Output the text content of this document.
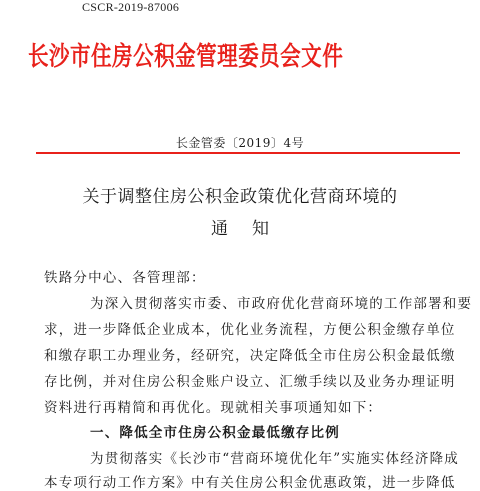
CSCR-2019-87006
长沙市住房公积金管理委员会文件
长金管委〔2019〕4号
关于调整住房公积金政策优化营商环境的
通 知
铁路分中心、各管理部：
为深入贯彻落实市委、市政府优化营商环境的工作部署和要
求，进一步降低企业成本，优化业务流程，方便公积金缴存单位
和缴存职工办理业务，经研究，决定降低全市住房公积金最低缴
存比例，并对住房公积金账户设立、汇缴手续以及业务办理证明
资料进行再精简和再优化。现就相关事项通知如下：
一、降低全市住房公积金最低缴存比例
为贯彻落实《长沙市“营商环境优化年”实施实体经济降成
本专项行动工作方案》中有关住房公积金优惠政策，进一步降低
